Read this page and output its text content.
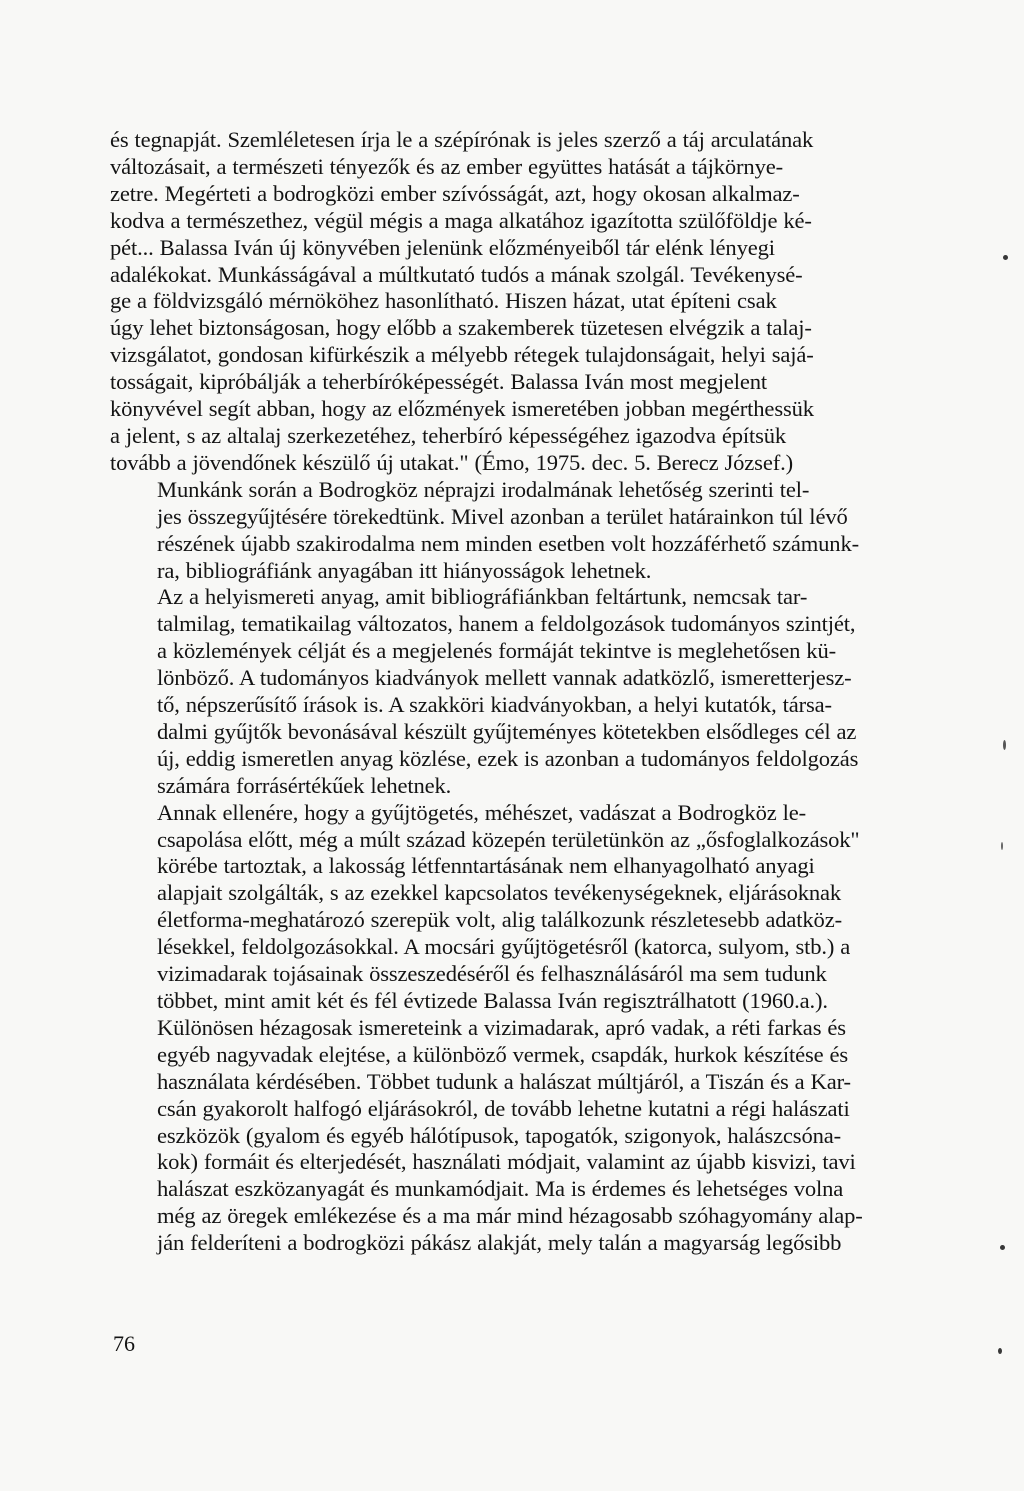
és tegnapját. Szemléletesen írja le a szépírónak is jeles szerző a táj arculatának
változásait, a természeti tényezők és az ember együttes hatását a tájkörnye-
zetre. Megérteti a bodrogközi ember szívósságát, azt, hogy okosan alkalmaz-
kodva a természethez, végül mégis a maga alkatához igazította szülőföldje ké-
pét... Balassa Iván új könyvében jelenünk előzményeiből tár elénk lényegi
adalékokat. Munkásságával a múltkutató tudós a mának szolgál. Tevékenysé-
ge a földvizsgáló mérnököhez hasonlítható. Hiszen házat, utat építeni csak
úgy lehet biztonságosan, hogy előbb a szakemberek tüzetesen elvégzik a talaj-
vizsgálatot, gondosan kifürkészik a mélyebb rétegek tulajdonságait, helyi sajá-
tosságait, kipróbálják a teherbíróképességét. Balassa Iván most megjelent
könyvével segít abban, hogy az előzmények ismeretében jobban megérthessük
a jelent, s az altalaj szerkezetéhez, teherbíró képességéhez igazodva építsük
tovább a jövendőnek készülő új utakat." (Émo, 1975. dec. 5. Berecz József.)

Munkánk során a Bodrogköz néprajzi irodalmának lehetőség szerinti tel-
jes összegyűjtésére törekedtünk. Mivel azonban a terület határainkon túl lévő
részének újabb szakirodalma nem minden esetben volt hozzáférhető számunk-
ra, bibliográfiánk anyagában itt hiányosságok lehetnek.

Az a helyismereti anyag, amit bibliográfiánkban feltártunk, nemcsak tar-
talmilag, tematikailag változatos, hanem a feldolgozások tudományos szintjét,
a közlemények célját és a megjelenés formáját tekintve is meglehetősen kü-
lönböző. A tudományos kiadványok mellett vannak adatközlő, ismeretterjesz-
tő, népszerűsítő írások is. A szakköri kiadványokban, a helyi kutatók, társa-
dalmi gyűjtők bevonásával készült gyűjteményes kötetekben elsődleges cél az
új, eddig ismeretlen anyag közlése, ezek is azonban a tudományos feldolgozás
számára forrásértékűek lehetnek.

Annak ellenére, hogy a gyűjtögetés, méhészet, vadászat a Bodrogköz le-
csapolása előtt, még a múlt század közepén területünkön az „ősfoglalkozások"
körébe tartoztak, a lakosság létfenntartásának nem elhanyagolható anyagi
alapjait szolgálták, s az ezekkel kapcsolatos tevékenységeknek, eljárásoknak
életforma-meghatározó szerepük volt, alig találkozunk részletesebb adatköz-
lésekkel, feldolgozásokkal. A mocsári gyűjtögetésről (katorca, sulyom, stb.) a
vizimadarak tojásainak összeszedéséről és felhasználásáról ma sem tudunk
többet, mint amit két és fél évtizede Balassa Iván regisztrálhatott (1960.a.).
Különösen hézagosak ismereteink a vizimadarak, apró vadak, a réti farkas és
egyéb nagyvadak elejtése, a különböző vermek, csapdák, hurkok készítése és
használata kérdésében. Többet tudunk a halászat múltjáról, a Tiszán és a Kar-
csán gyakorolt halfogó eljárásokról, de tovább lehetne kutatni a régi halászati
eszközök (gyalom és egyéb hálótípusok, tapogatók, szigonyok, halászcsóna-
kok) formáit és elterjedését, használati módjait, valamint az újabb kisvizi, tavi
halászat eszközanyagát és munkamódjait. Ma is érdemes és lehetséges volna
még az öregek emlékezése és a ma már mind hézagosabb szóhagyomány alap-
ján felderíteni a bodrogközi pákász alakját, mely talán a magyarság legősibb

76
